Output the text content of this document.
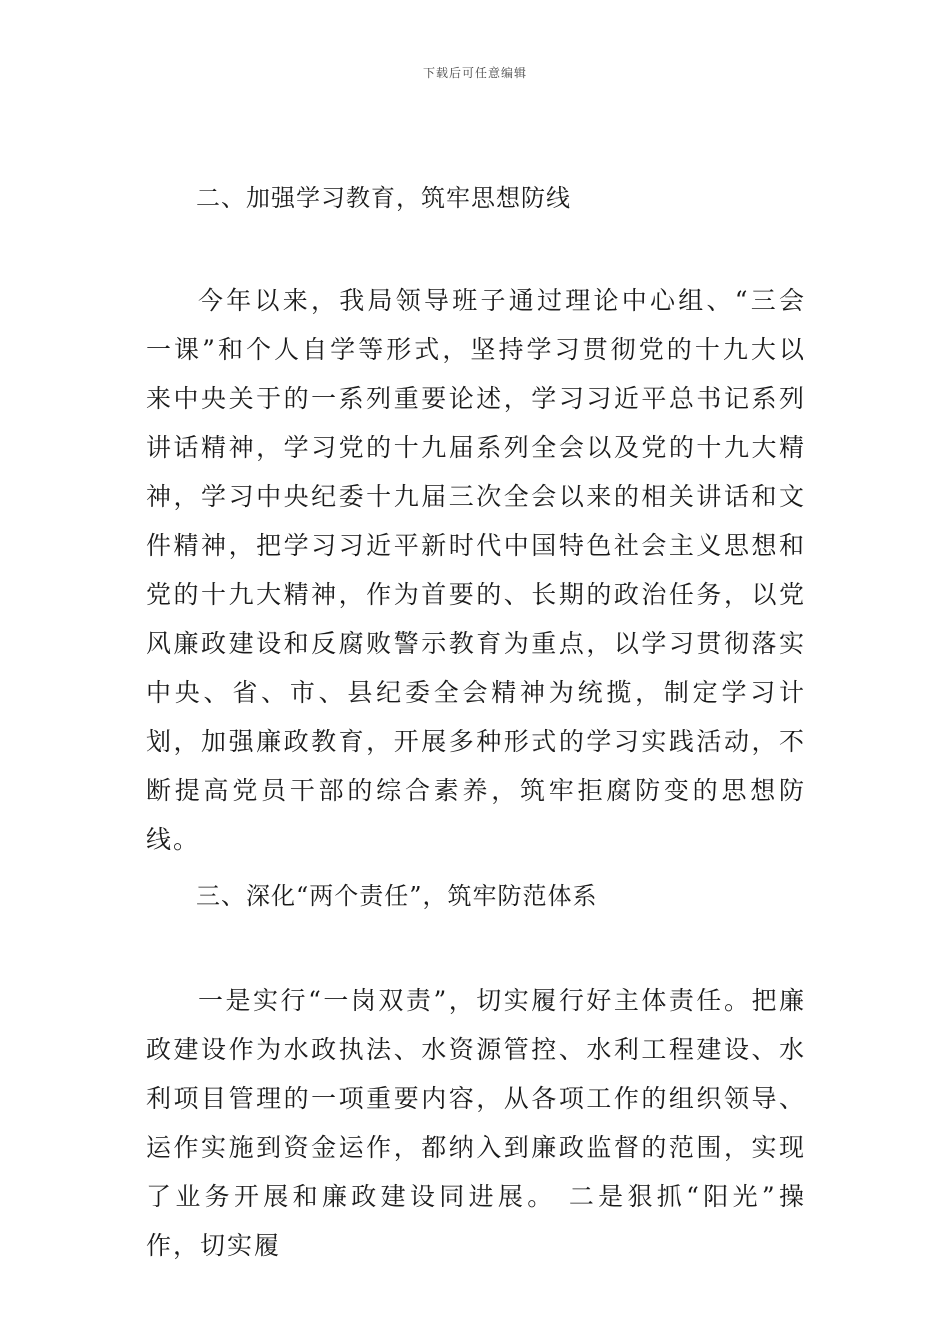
下载后可任意编辑
二、加强学习教育，筑牢思想防线

今年以来，我局领导班子通过理论中心组、“三会一课”和个人自学等形式，坚持学习贯彻党的十九大以来中央关于的一系列重要论述，学习习近平总书记系列讲话精神，学习党的十九届系列全会以及党的十九大精神，学习中央纪委十九届三次全会以来的相关讲话和文件精神，把学习习近平新时代中国特色社会主义思想和党的十九大精神，作为首要的、长期的政治任务，以党风廉政建设和反腐败警示教育为重点，以学习贯彻落实中央、省、市、县纪委全会精神为统揽，制定学习计划，加强廉政教育，开展多种形式的学习实践活动，不断提高党员干部的综合素养，筑牢拒腐防变的思想防线。

三、深化“两个责任”，筑牢防范体系

一是实行“一岗双责”，切实履行好主体责任。把廉政建设作为水政执法、水资源管控、水利工程建设、水利项目管理的一项重要内容，从各项工作的组织领导、运作实施到资金运作，都纳入到廉政监督的范围，实现了业务开展和廉政建设同进展。 二是狠抓“阳光”操作，切实履
